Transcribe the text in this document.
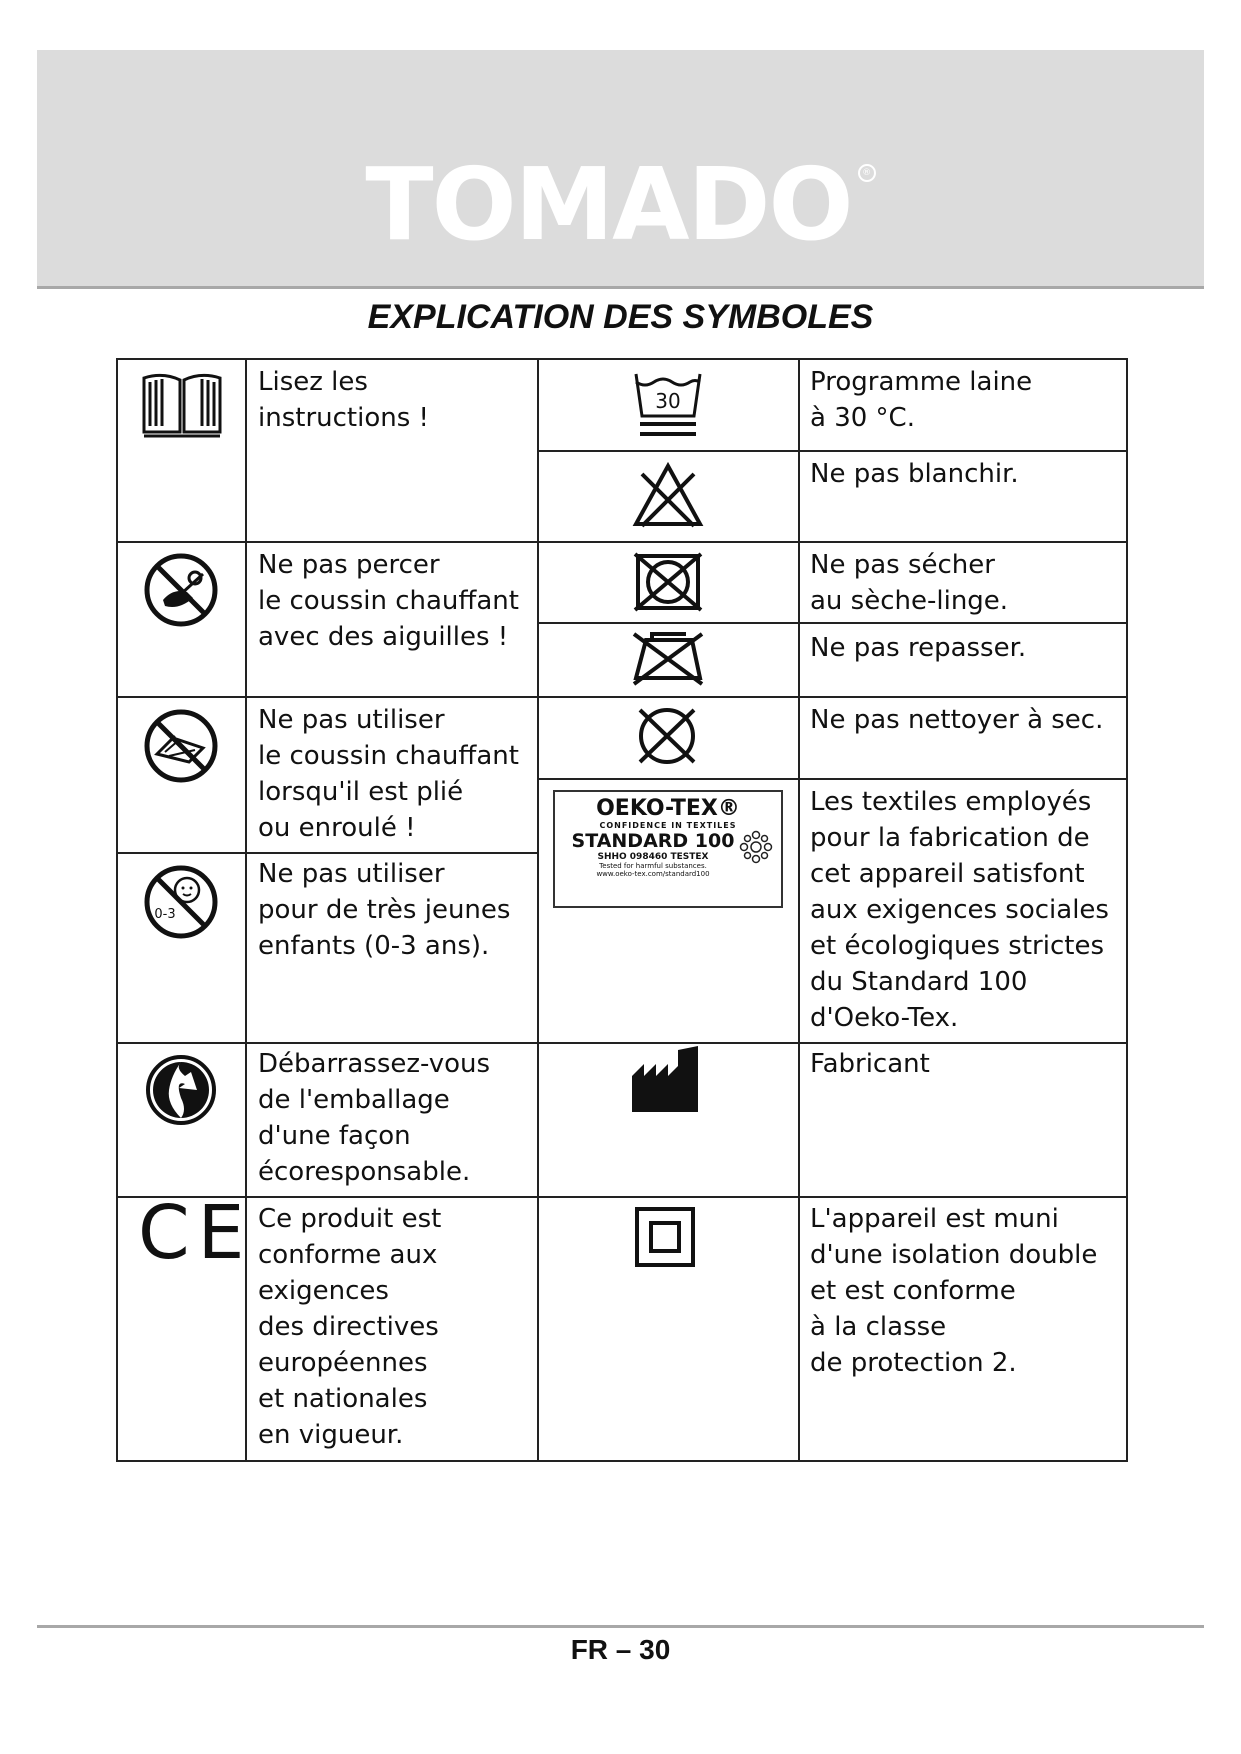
TOMADO ®
EXPLICATION DES SYMBOLES
Lisez les
instructions !
30
Programme laine
à 30 °C.
Ne pas blanchir.
Ne pas percer
le coussin chauffant
avec des aiguilles !
Ne pas sécher
au sèche-linge.
Ne pas repasser.
Ne pas utiliser
le coussin chauffant
lorsqu'il est plié
ou enroulé !
Ne pas nettoyer à sec.
0-3
Ne pas utiliser
pour de très jeunes
enfants (0-3 ans).
OEKO-TEX®
CONFIDENCE IN TEXTILES
STANDARD 100
SHHO 098460 TESTEX
Tested for harmful substances.
www.oeko-tex.com/standard100
Les textiles employés
pour la fabrication de
cet appareil satisfont
aux exigences sociales
et écologiques strictes
du Standard 100
d'Oeko-Tex.
Débarrassez-vous
de l'emballage
d'une façon
écoresponsable.
Fabricant
CE Ce produit est
conforme aux
exigences
des directives
européennes
et nationales
en vigueur.
L'appareil est muni
d'une isolation double
et est conforme
à la classe
de protection 2.
FR – 30
